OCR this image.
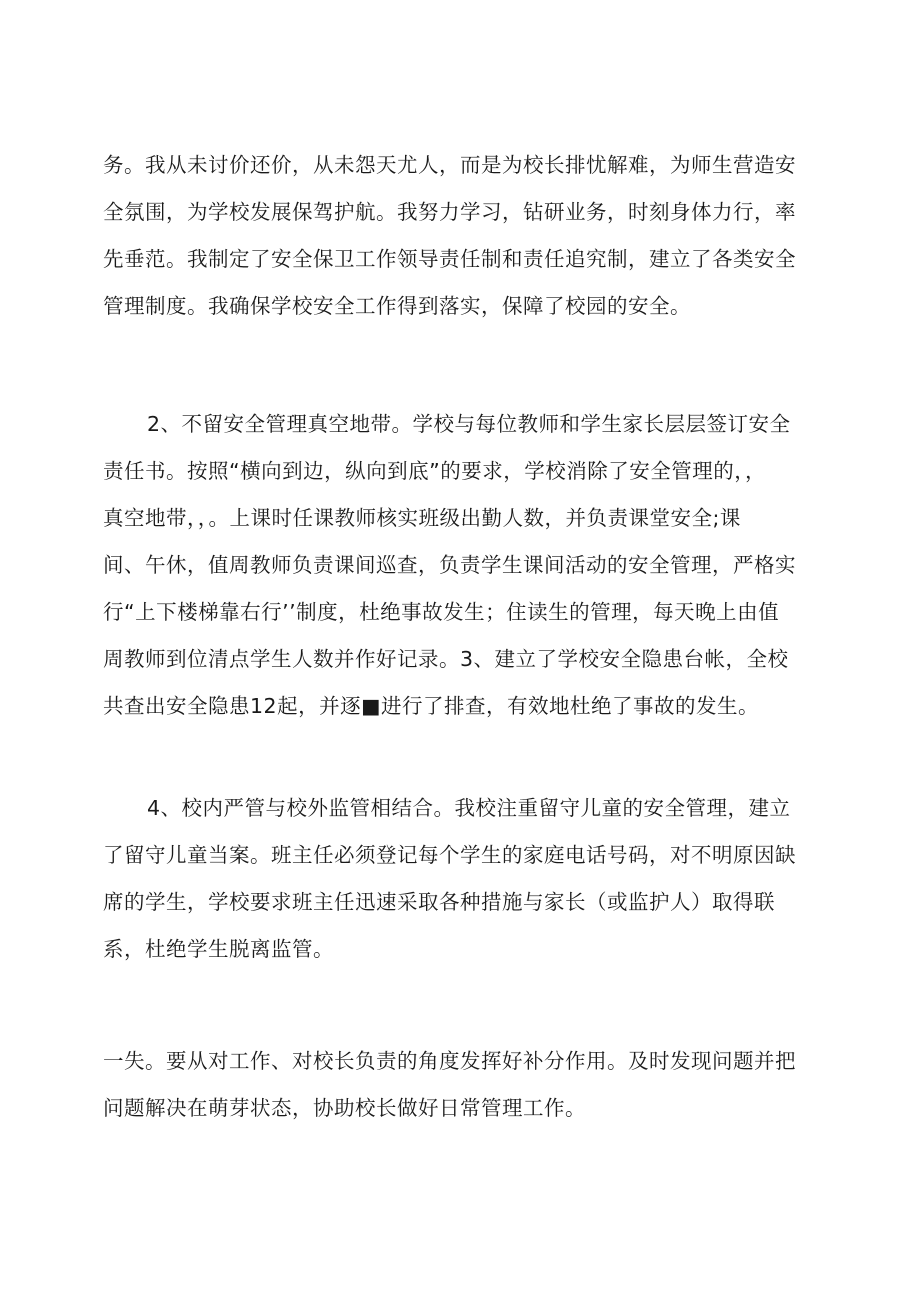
务。我从未讨价还价，从未怨天尤人，而是为校长排忧解难，为师生营造安
全氛围，为学校发展保驾护航。我努力学习，钻研业务，时刻身体力行，率
先垂范。我制定了安全保卫工作领导责任制和责任追究制，建立了各类安全
管理制度。我确保学校安全工作得到落实，保障了校园的安全。

2、不留安全管理真空地带。学校与每位教师和学生家长层层签订安全
责任书。按照“横向到边，纵向到底”的要求，学校消除了安全管理的，，
真空地带，，。上课时任课教师核实班级出勤人数，并负责课堂安全;课
间、午休，值周教师负责课间巡查，负责学生课间活动的安全管理，严格实
行“上下楼梯靠右行’’制度，杜绝事故发生；住读生的管理，每天晚上由值
周教师到位清点学生人数并作好记录。3、建立了学校安全隐患台帐，全校
共查出安全隐患12起，并逐■进行了排查，有效地杜绝了事故的发生。

4、校内严管与校外监管相结合。我校注重留守儿童的安全管理，建立
了留守儿童当案。班主任必须登记每个学生的家庭电话号码，对不明原因缺
席的学生，学校要求班主任迅速采取各种措施与家长（或监护人）取得联
系，杜绝学生脱离监管。

一失。要从对工作、对校长负责的角度发挥好补分作用。及时发现问题并把
问题解决在萌芽状态，协助校长做好日常管理工作。
